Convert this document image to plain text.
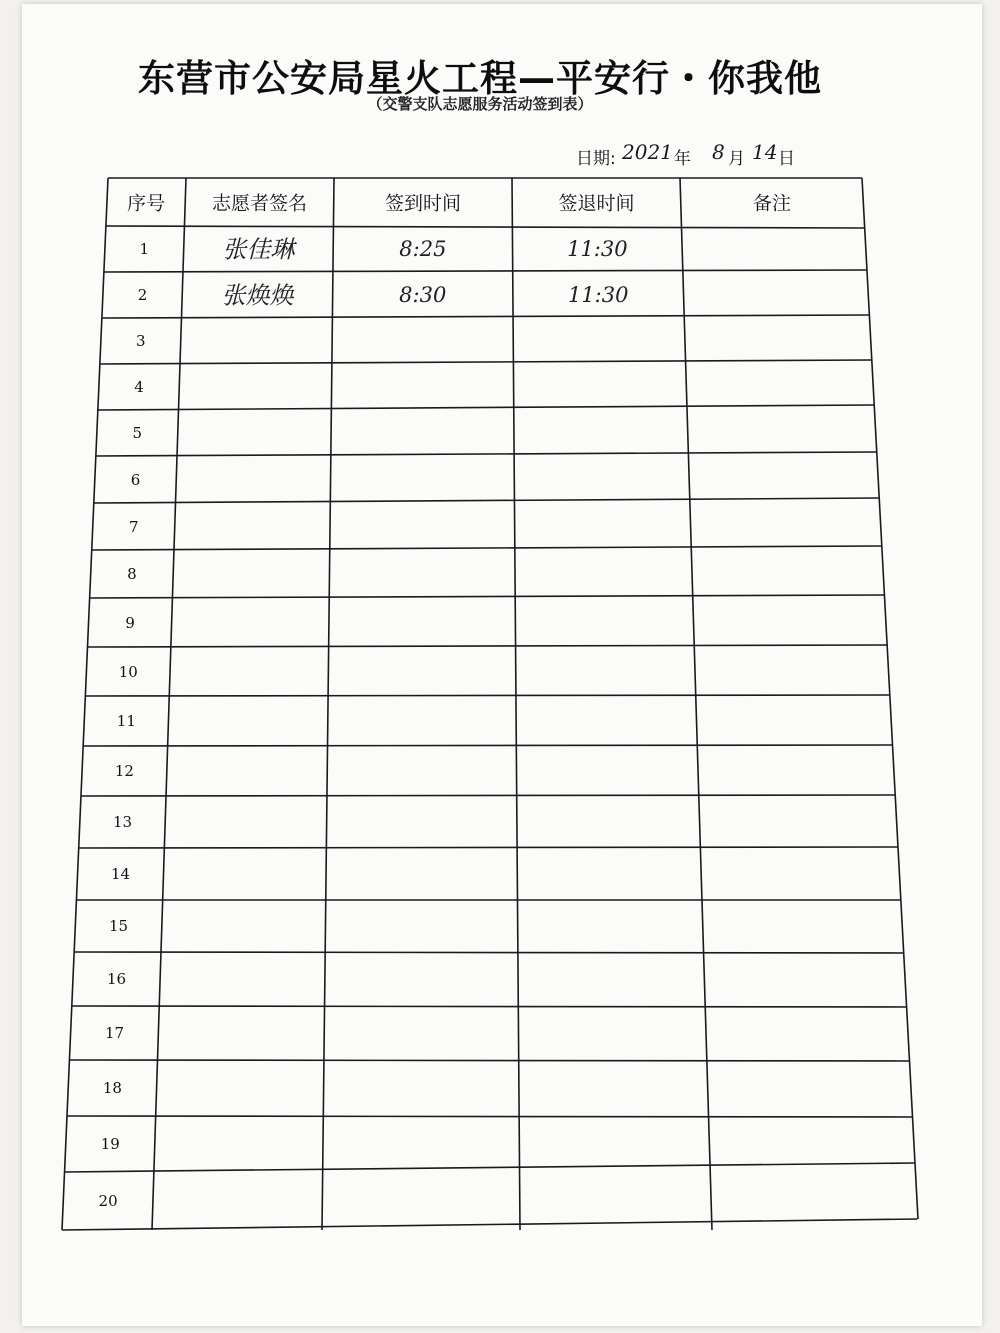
东营市公安局星火工程—平安行・你我他
（交警支队志愿服务活动签到表）
日期: 2021 年 8 月 14 日
序号 志愿者签名	签到时间	签退时间	备注
1	张佳琳	8:25	11:30
2	张焕焕	8:30	11:30
3
4
5
6
7
8
9
10
11
12
13
14
15
16
17
18
19
20
